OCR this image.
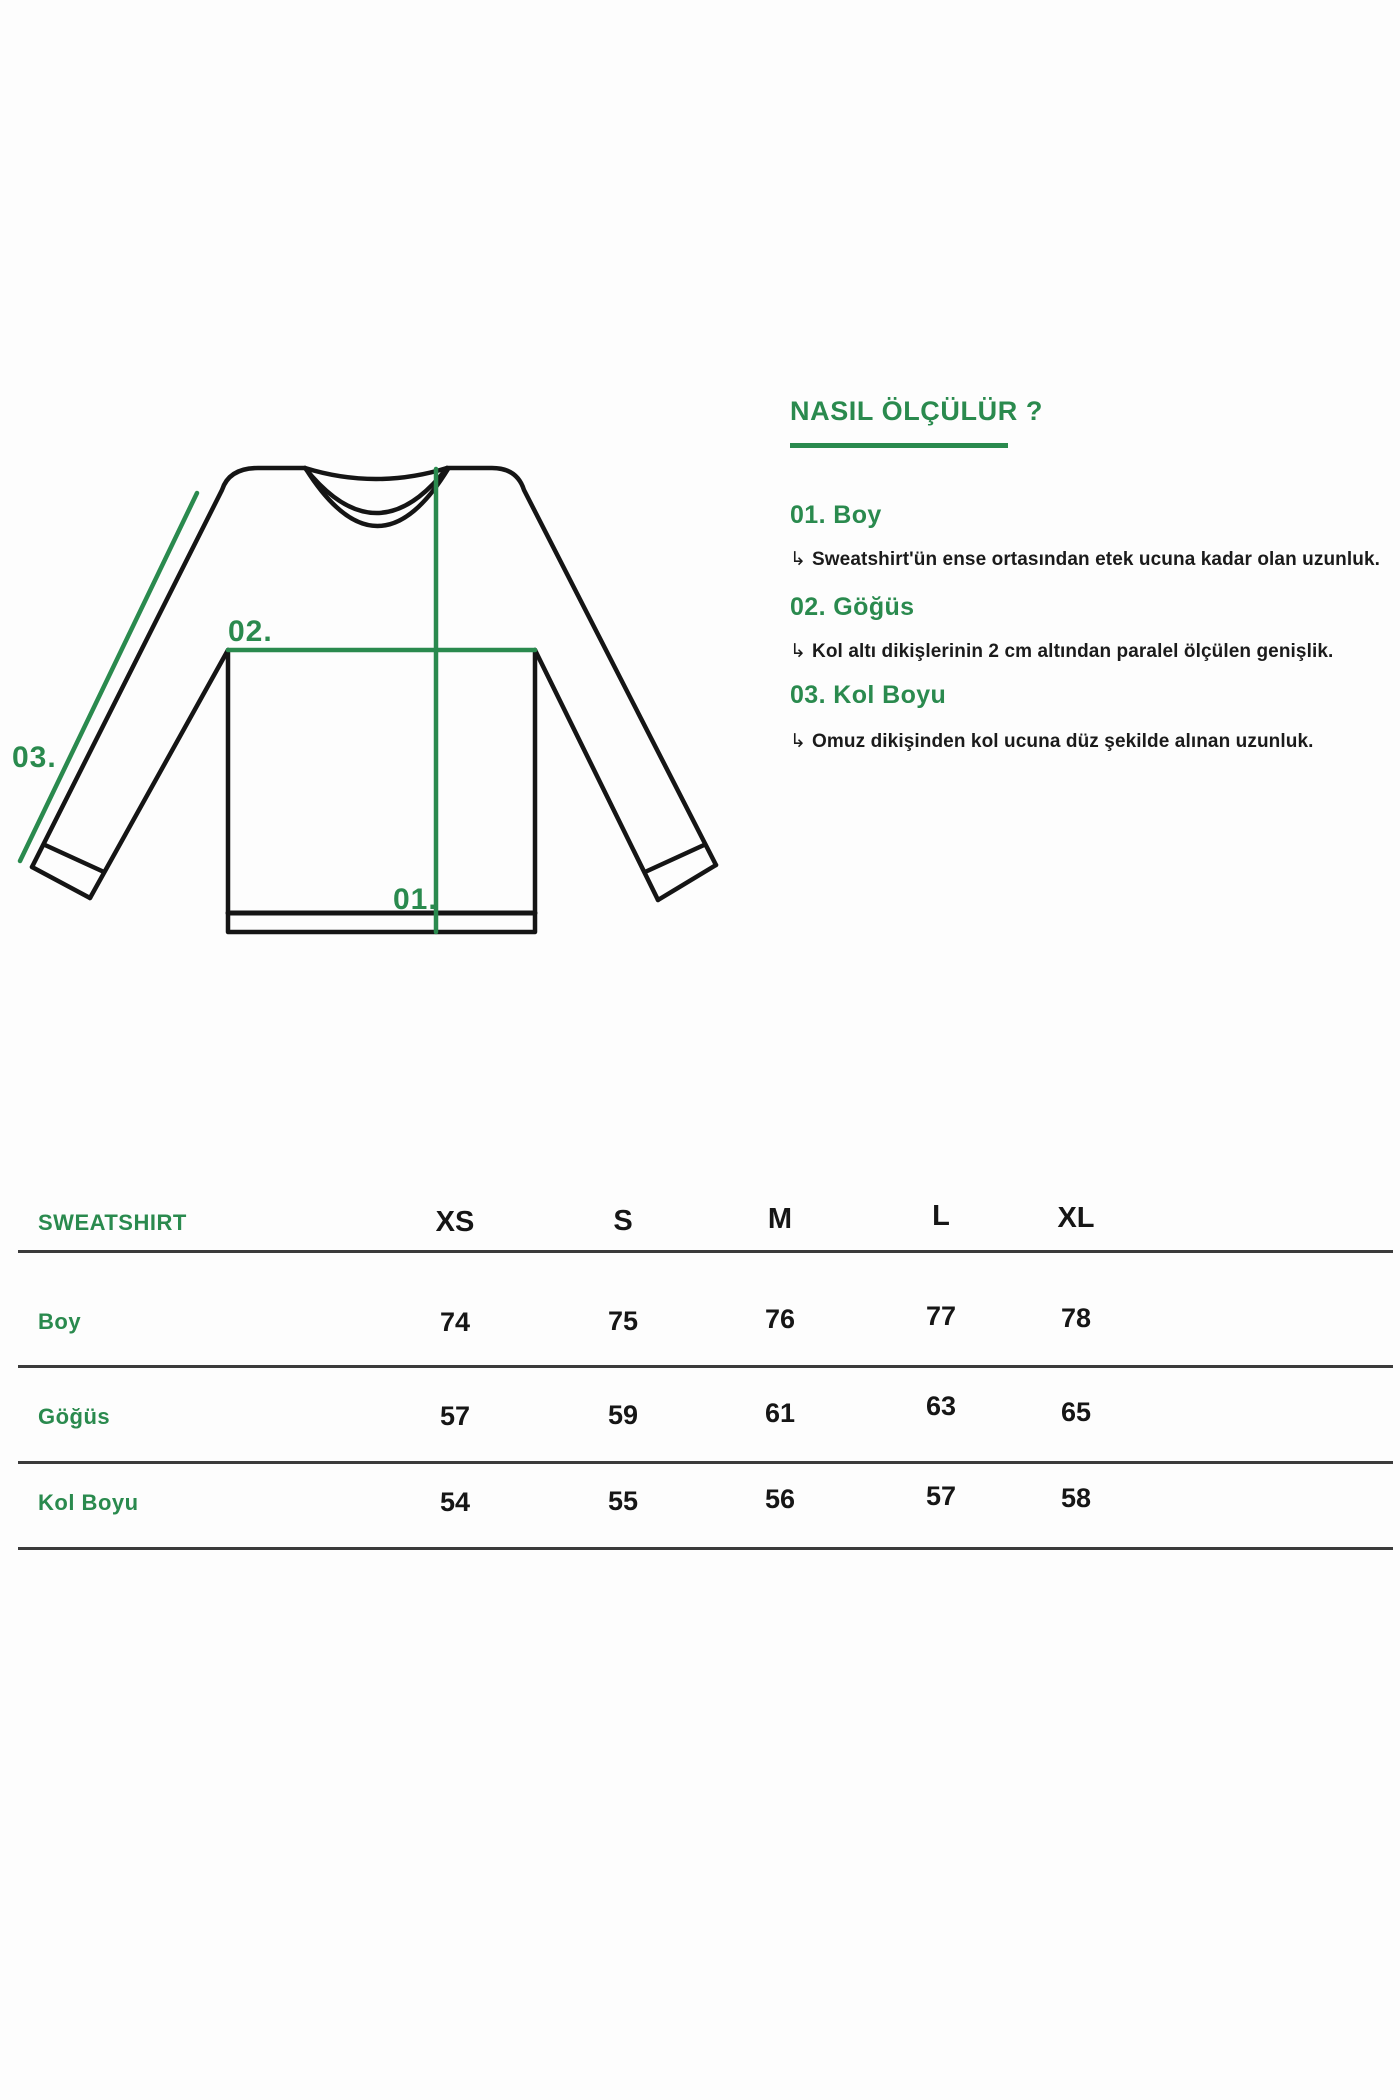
02.
03.
01.
NASIL ÖLÇÜLÜR ?
01. Boy
↳ Sweatshirt'ün ense ortasından etek ucuna kadar olan uzunluk.
02. Göğüs
↳ Kol altı dikişlerinin 2 cm altından paralel ölçülen genişlik.
03. Kol Boyu
↳ Omuz dikişinden kol ucuna düz şekilde alınan uzunluk.
SWEATSHIRT	XS	S	M	L	XL
Boy	74	75	76	77	78
Göğüs	57	59	61	63	65
Kol Boyu	54	55	56	57	58
